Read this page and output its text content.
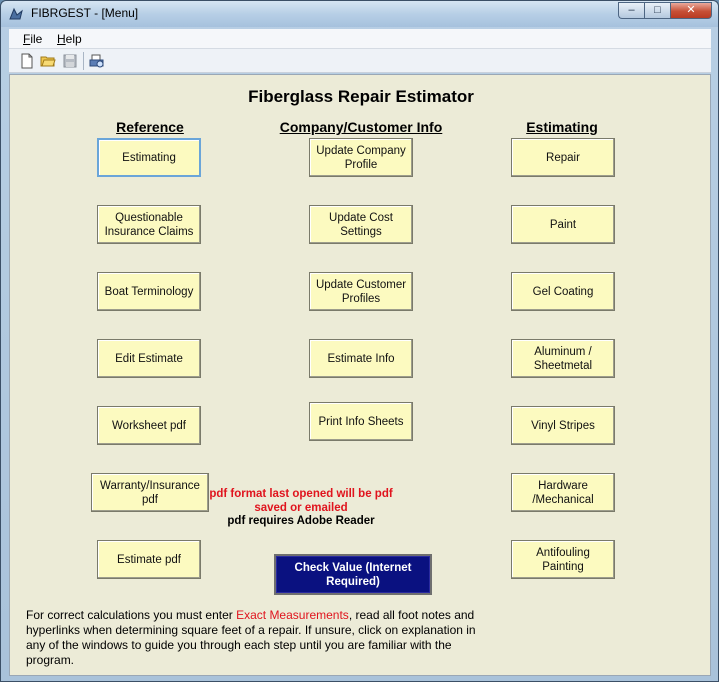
FIBRGEST - [Menu]	–	□	✕
File Help
Fiberglass Repair Estimator
Reference	Company/Customer Info	Estimating
Estimating
Questionable Insurance Claims
Boat Terminology
Edit Estimate
Worksheet pdf
Warranty/Insurance pdf
Estimate pdf
Update Company Profile
Update Cost Settings
Update Customer Profiles
Estimate Info
Print Info Sheets
Repair
Paint
Gel Coating
Aluminum / Sheetmetal
Vinyl Stripes
Hardware /Mechanical
Antifouling Painting
pdf format last opened will be pdf saved or emailed
pdf requires Adobe Reader
Check Value (Internet Required)
For correct calculations you must enter Exact Measurements, read all foot notes and hyperlinks when determining square feet of a repair. If unsure, click on explanation in any of the windows to guide you through each step until you are familiar with the program.
